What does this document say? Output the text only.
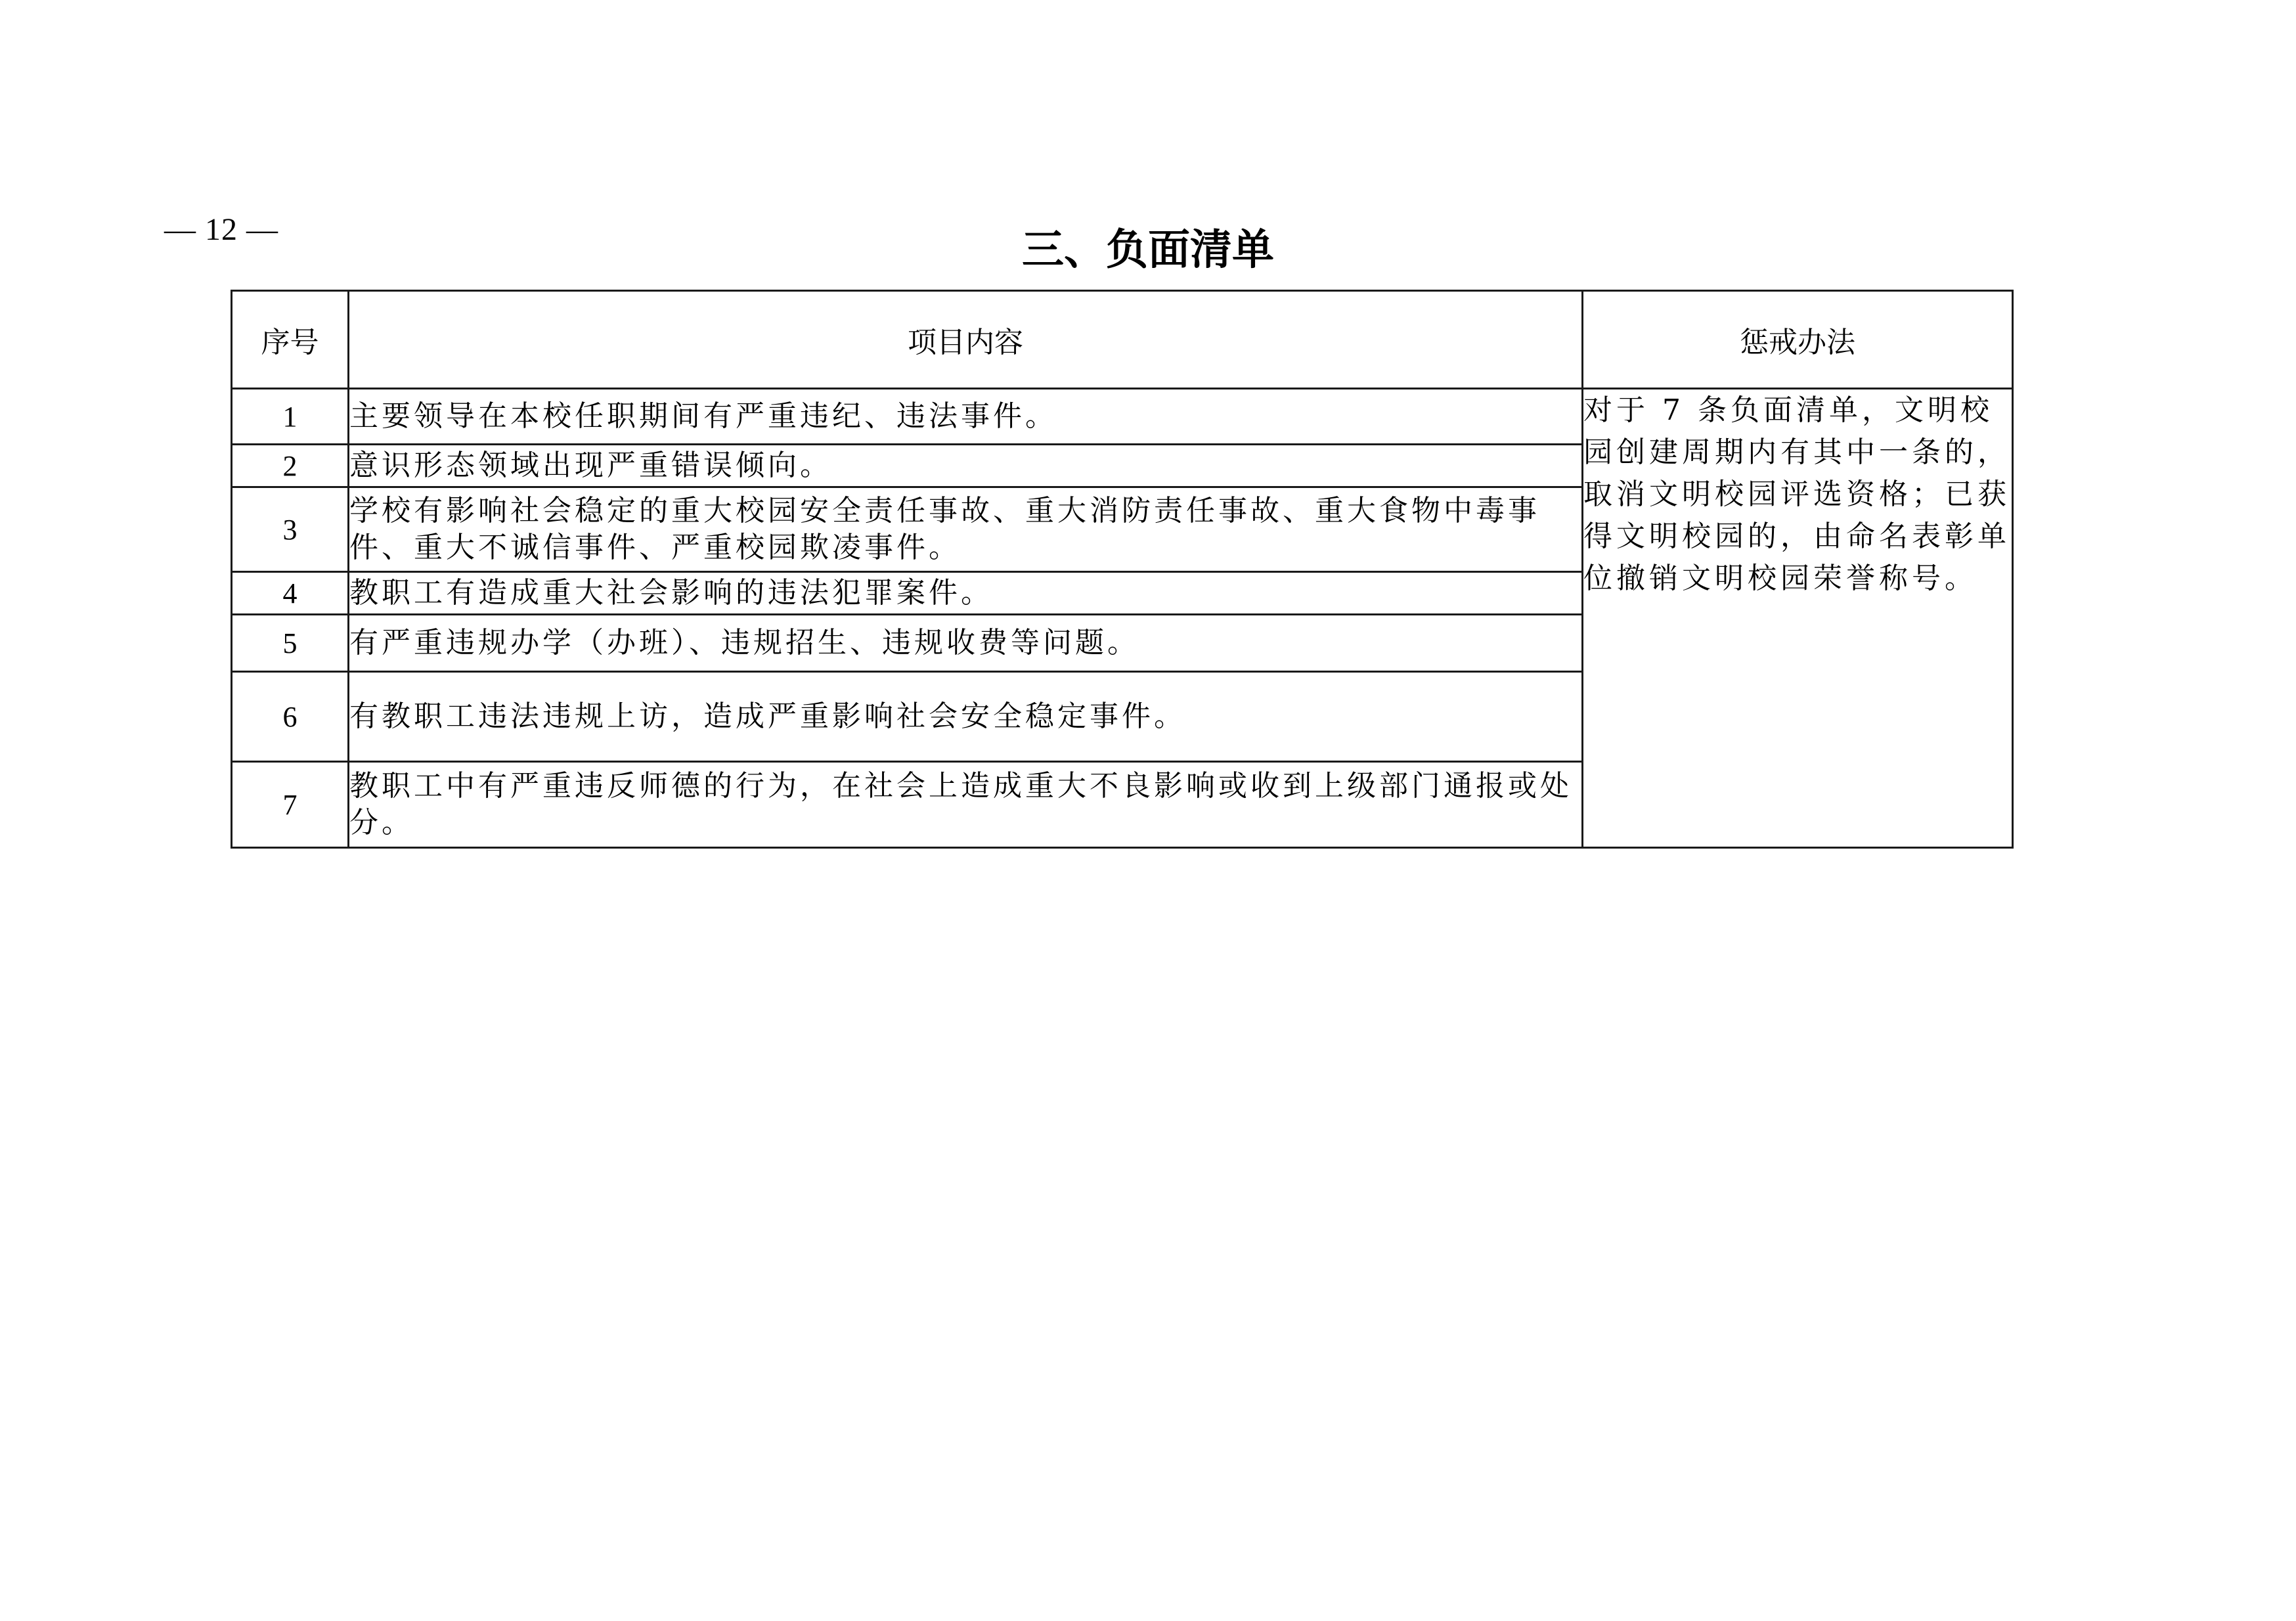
— 12 —	三、负面清单
序号	项目内容	惩戒办法
1	主要领导在本校任职期间有严重违纪、违法事件。	对于 7 条负面清单，文明校园创建周期内有其中一条的，取消文明校园评选资格；已获得文明校园的，由命名表彰单位撤销文明校园荣誉称号。
2	意识形态领域出现严重错误倾向。	
3	学校有影响社会稳定的重大校园安全责任事故、重大消防责任事故、重大食物中毒事件、重大不诚信事件、严重校园欺凌事件。	
4	教职工有造成重大社会影响的违法犯罪案件。	
5	有严重违规办学（办班）、违规招生、违规收费等问题。	
6	有教职工违法违规上访，造成严重影响社会安全稳定事件。	
7	教职工中有严重违反师德的行为，在社会上造成重大不良影响或收到上级部门通报或处分。	
